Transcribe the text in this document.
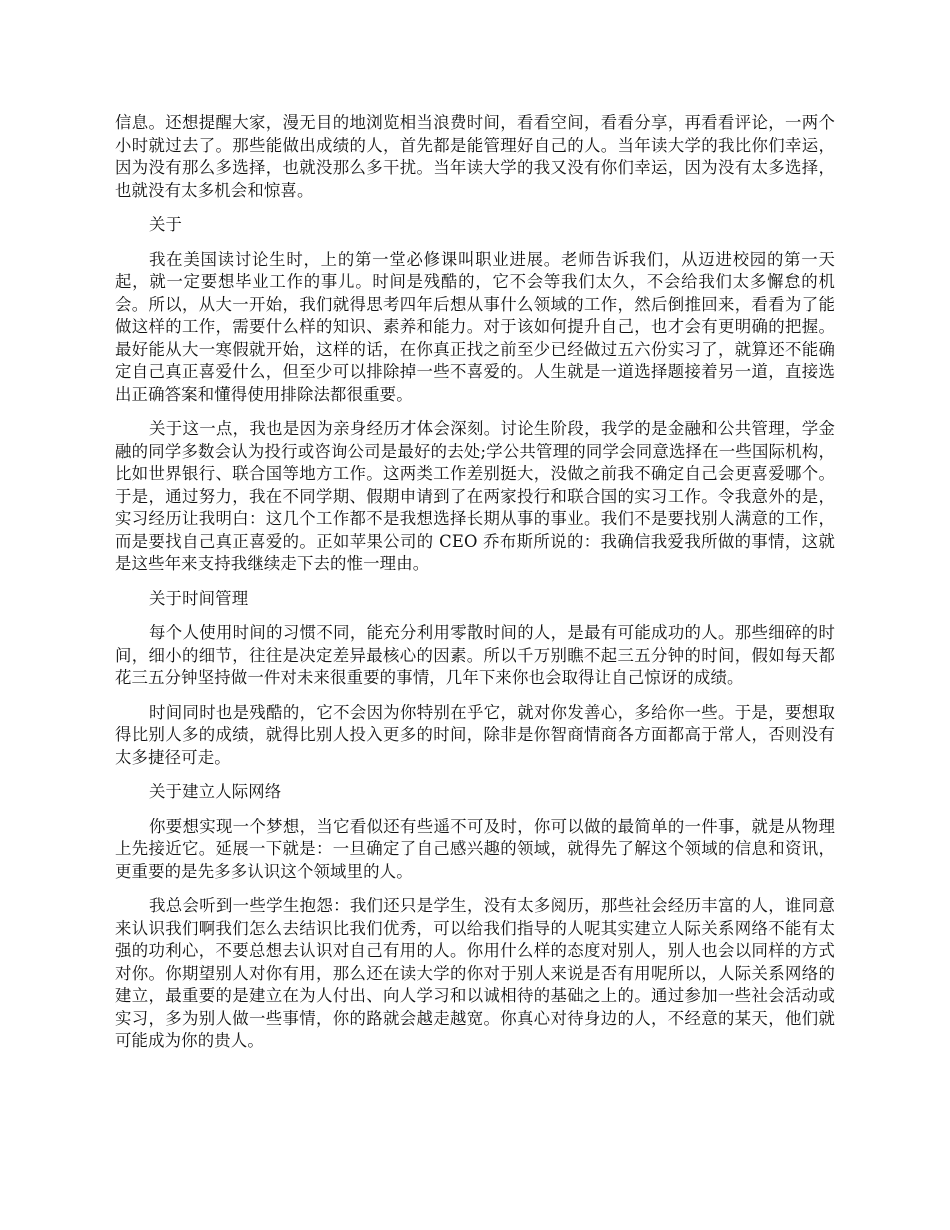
信息。还想提醒大家，漫无目的地浏览相当浪费时间，看看空间，看看分享，再看看评论，一两个小时就过去了。那些能做出成绩的人，首先都是能管理好自己的人。当年读大学的我比你们幸运，因为没有那么多选择，也就没那么多干扰。当年读大学的我又没有你们幸运，因为没有太多选择，也就没有太多机会和惊喜。

关于

我在美国读讨论生时，上的第一堂必修课叫职业进展。老师告诉我们，从迈进校园的第一天起，就一定要想毕业工作的事儿。时间是残酷的，它不会等我们太久，不会给我们太多懈怠的机会。所以，从大一开始，我们就得思考四年后想从事什么领域的工作，然后倒推回来，看看为了能做这样的工作，需要什么样的知识、素养和能力。对于该如何提升自己，也才会有更明确的把握。最好能从大一寒假就开始，这样的话，在你真正找之前至少已经做过五六份实习了，就算还不能确定自己真正喜爱什么，但至少可以排除掉一些不喜爱的。人生就是一道选择题接着另一道，直接选出正确答案和懂得使用排除法都很重要。

关于这一点，我也是因为亲身经历才体会深刻。讨论生阶段，我学的是金融和公共管理，学金融的同学多数会认为投行或咨询公司是最好的去处;学公共管理的同学会同意选择在一些国际机构，比如世界银行、联合国等地方工作。这两类工作差别挺大，没做之前我不确定自己会更喜爱哪个。于是，通过努力，我在不同学期、假期申请到了在两家投行和联合国的实习工作。令我意外的是，实习经历让我明白：这几个工作都不是我想选择长期从事的事业。我们不是要找别人满意的工作，而是要找自己真正喜爱的。正如苹果公司的 CEO 乔布斯所说的：我确信我爱我所做的事情，这就是这些年来支持我继续走下去的惟一理由。

关于时间管理

每个人使用时间的习惯不同，能充分利用零散时间的人，是最有可能成功的人。那些细碎的时间，细小的细节，往往是决定差异最核心的因素。所以千万别瞧不起三五分钟的时间，假如每天都花三五分钟坚持做一件对未来很重要的事情，几年下来你也会取得让自己惊讶的成绩。

时间同时也是残酷的，它不会因为你特别在乎它，就对你发善心，多给你一些。于是，要想取得比别人多的成绩，就得比别人投入更多的时间，除非是你智商情商各方面都高于常人，否则没有太多捷径可走。

关于建立人际网络

你要想实现一个梦想，当它看似还有些遥不可及时，你可以做的最简单的一件事，就是从物理上先接近它。延展一下就是：一旦确定了自己感兴趣的领域，就得先了解这个领域的信息和资讯，更重要的是先多多认识这个领域里的人。

我总会听到一些学生抱怨：我们还只是学生，没有太多阅历，那些社会经历丰富的人，谁同意来认识我们啊我们怎么去结识比我们优秀，可以给我们指导的人呢其实建立人际关系网络不能有太强的功利心，不要总想去认识对自己有用的人。你用什么样的态度对别人，别人也会以同样的方式对你。你期望别人对你有用，那么还在读大学的你对于别人来说是否有用呢所以，人际关系网络的建立，最重要的是建立在为人付出、向人学习和以诚相待的基础之上的。通过参加一些社会活动或实习，多为别人做一些事情，你的路就会越走越宽。你真心对待身边的人，不经意的某天，他们就可能成为你的贵人。
